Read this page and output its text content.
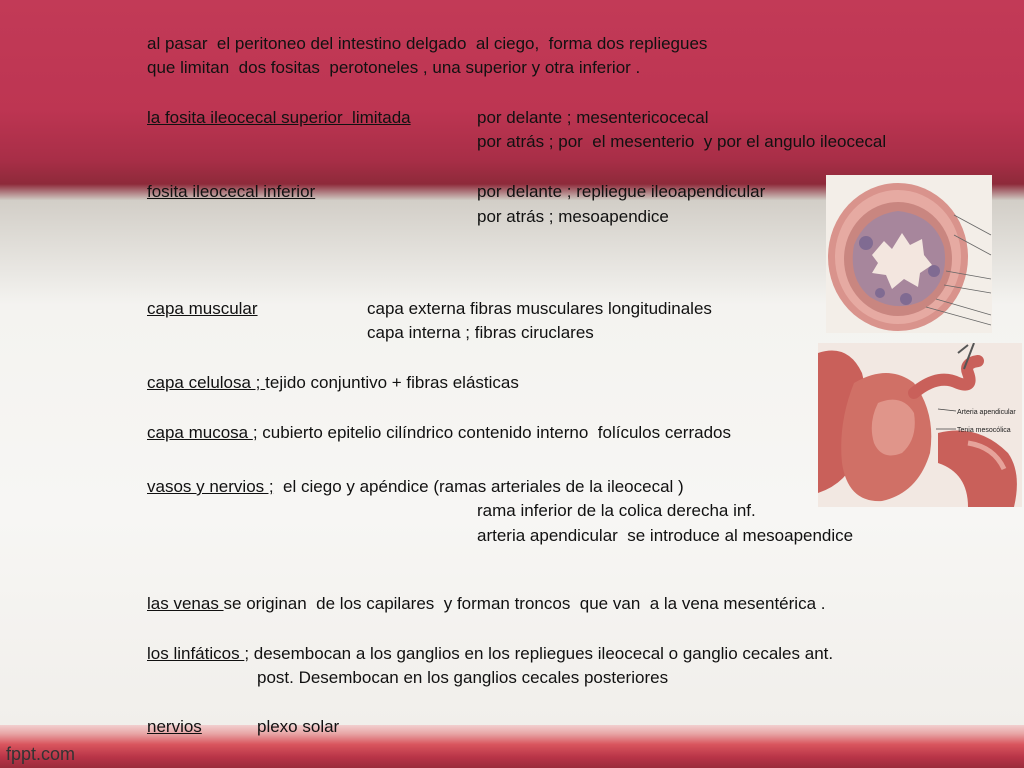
al pasar  el peritoneo del intestino delgado  al ciego,  forma dos repliegues
que limitan  dos fositas  perotoneles , una superior y otra inferior .
la fosita ileocecal superior  limitada	por delante ; mesentericocecal
por atrás ; por  el mesenterio  y por el angulo ileocecal
fosita ileocecal inferior	por delante ; repliegue ileoapendicular
por atrás ; mesoapendice
capa muscular	capa externa fibras musculares longitudinales
capa interna ; fibras ciruclares
capa celulosa ; tejido conjuntivo + fibras elásticas
capa mucosa ; cubierto epitelio cilíndrico contenido interno  folículos cerrados
vasos y nervios ;  el ciego y apéndice (ramas arteriales de la ileocecal )
rama inferior de la colica derecha inf.
arteria apendicular  se introduce al mesoapendice
las venas se originan  de los capilares  y forman troncos  que van  a la vena mesentérica .
los linfáticos ; desembocan a los ganglios en los repliegues ileocecal o ganglio cecales ant.
post. Desembocan en los ganglios cecales posteriores
nervios	plexo solar
Arteria apendicular
Tenia mesocólica
fppt.com
